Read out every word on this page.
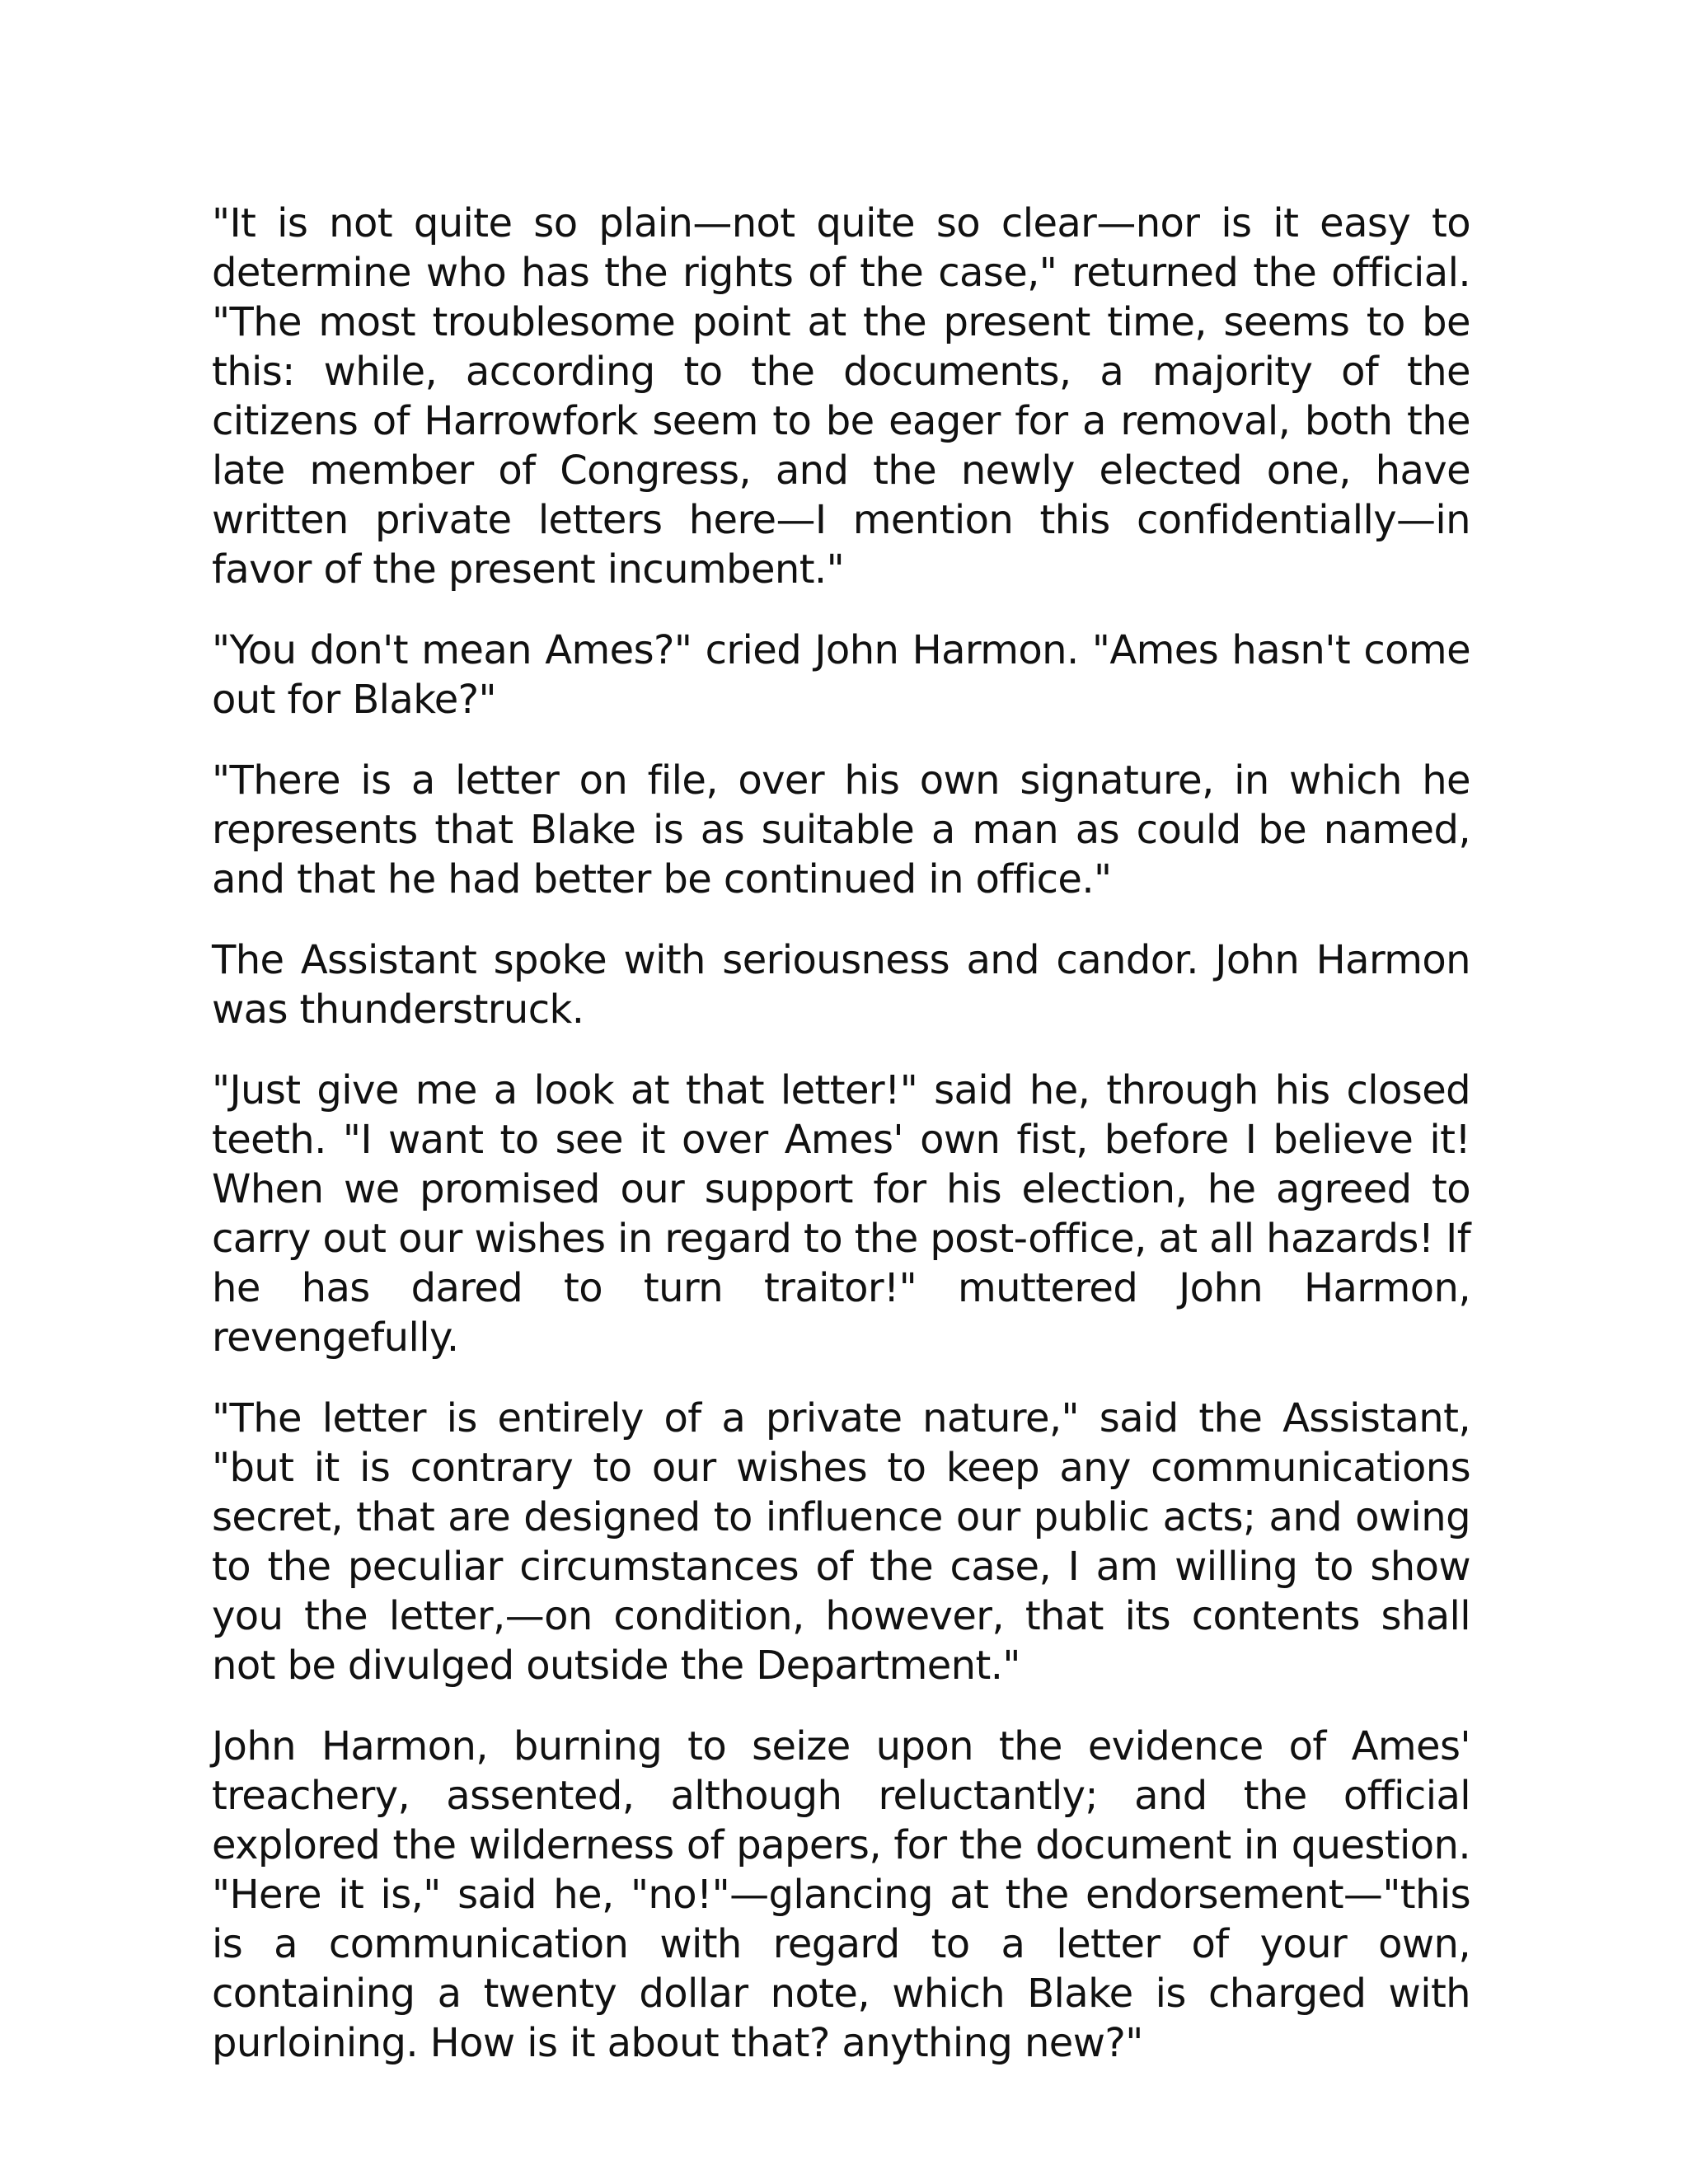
"It is not quite so plain—not quite so clear—nor is it easy to determine who has the rights of the case," returned the official. "The most troublesome point at the present time, seems to be this: while, according to the documents, a majority of the citizens of Harrowfork seem to be eager for a removal, both the late member of Congress, and the newly elected one, have written private letters here—I mention this confidentially—in favor of the present incumbent."

"You don't mean Ames?" cried John Harmon. "Ames hasn't come out for Blake?"

"There is a letter on file, over his own signature, in which he represents that Blake is as suitable a man as could be named, and that he had better be continued in office."

The Assistant spoke with seriousness and candor. John Harmon was thunderstruck.

"Just give me a look at that letter!" said he, through his closed teeth. "I want to see it over Ames' own fist, before I believe it! When we promised our support for his election, he agreed to carry out our wishes in regard to the post-office, at all hazards! If he has dared to turn traitor!" muttered John Harmon, revengefully.

"The letter is entirely of a private nature," said the Assistant, "but it is contrary to our wishes to keep any communications secret, that are designed to influence our public acts; and owing to the peculiar circumstances of the case, I am willing to show you the letter,—on condition, however, that its contents shall not be divulged outside the Department."

John Harmon, burning to seize upon the evidence of Ames' treachery, assented, although reluctantly; and the official explored the wilderness of papers, for the document in question. "Here it is," said he, "no!"—glancing at the endorsement—"this is a communication with regard to a letter of your own, containing a twenty dollar note, which Blake is charged with purloining. How is it about that? anything new?"
